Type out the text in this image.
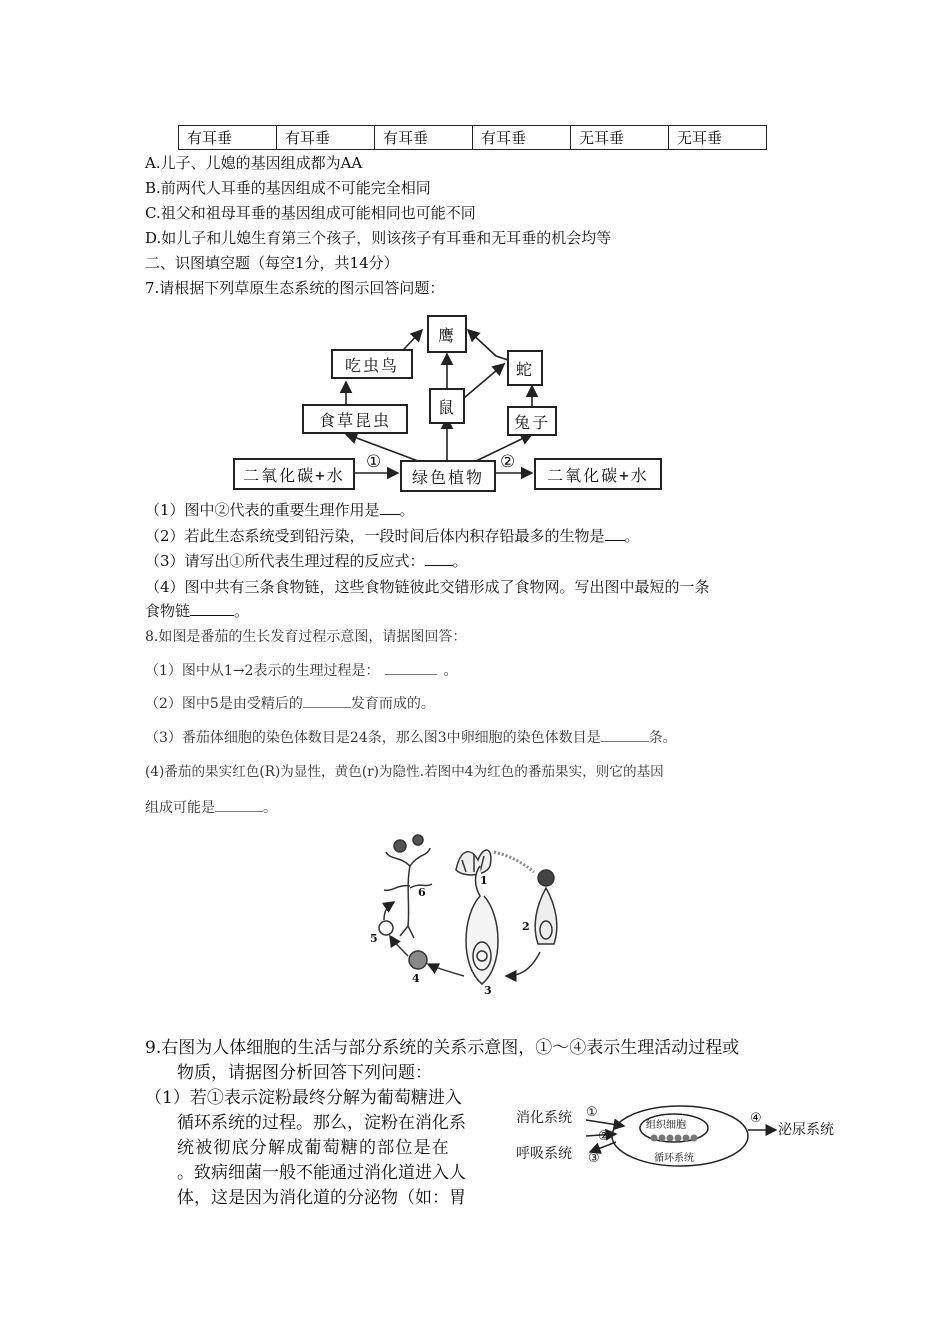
有耳垂	有耳垂	有耳垂	有耳垂	无耳垂	无耳垂
A.儿子、儿媳的基因组成都为AA
B.前两代人耳垂的基因组成不可能完全相同
C.祖父和祖母耳垂的基因组成可能相同也可能不同
D.如儿子和儿媳生育第三个孩子，则该孩子有耳垂和无耳垂的机会均等
二、识图填空题（每空1分，共14分）
7.请根据下列草原生态系统的图示回答问题：
鹰
吃虫鸟	蛇
鼠
食草昆虫	兔子
绿色植物
二氧化碳+水	二氧化碳+水
①	②
（1）图中②代表的重要生理作用是 。
（2）若此生态系统受到铅污染，一段时间后体内积存铅最多的生物是 。
（3）请写出①所代表生理过程的反应式： 。
（4）图中共有三条食物链，这些食物链彼此交错形成了食物网。写出图中最短的一条
食物链	。
8.如图是番茄的生长发育过程示意图，请据图回答：
（1）图中从1→2表示的生理过程是：	。
（2）图中5是由受精后的	发育而成的。
（3）番茄体细胞的染色体数目是24条，那么图3中卵细胞的染色体数目是	条。
(4)番茄的果实红色(R)为显性，黄色(r)为隐性.若图中4为红色的番茄果实，则它的基因
组成可能是	。
1
2
3
4
5
6
9.右图为人体细胞的生活与部分系统的关系示意图，①～④表示生理活动过程或
物质，请据图分析回答下列问题：
（1）若①表示淀粉最终分解为葡萄糖进入
循环系统的过程。那么，淀粉在消化系
统被彻底分解成葡萄糖的部位是在
。致病细菌一般不能通过消化道进入人
体，这是因为消化道的分泌物（如：胃
消化系统
呼吸系统
泌尿系统
组织细胞
循环系统
①
②
③
④
